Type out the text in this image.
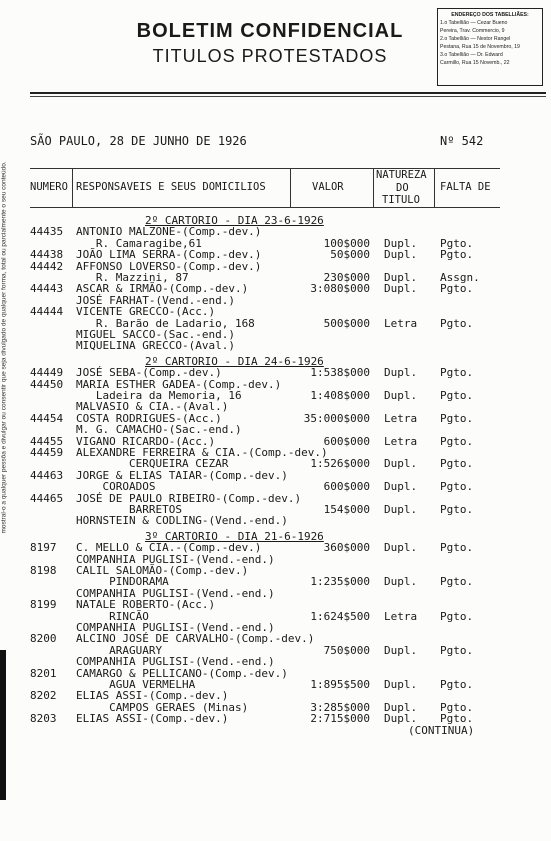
BOLETIM CONFIDENCIAL
TITULOS PROTESTADOS
ENDEREÇO DOS TABELLIÃES:
1.o Tabellião — Cezar Bueno
Pereira, Trav. Commercio, 9
2.o Tabellião — Nestor Rangel
Pestana, Rua 15 de Novembro, 19
3.o Tabellião — Dr. Edward
Carmillo, Rua 15 Novemb., 22
mostral-o a qualquer pessôa e divulgar ou consentir que seja divulgado de qualquer forma, total ou parcialmente o seu conteúdo.
SÃO PAULO, 28 DE JUNHO DE 1926	Nº 542
NUMERO RESPONSAVEIS E SEUS DOMICILIOS	VALOR
NATUREZA
DO
TITULO
FALTA DE
2º CARTORIO - DIA 23-6-1926
44435 ANTONIO MALZONE-(Comp.-dev.)
R. Camaragibe,61	100$000 Dupl. Pgto.
44438 JOÃO LIMA SERRA-(Comp.-dev.)	50$000 Dupl. Pgto.
44442 AFFONSO LOVERSO-(Comp.-dev.)
R. Mazzini, 87	230$000 Dupl. Assgn.
44443 ASCAR & IRMÃO-(Comp.-dev.)
JOSÉ FARHAT-(Vend.-end.)
3:080$000 Dupl. Pgto.
44444 VICENTE GRECCO-(Acc.)
R. Barão de Ladario, 168
MIGUEL SACCO-(Sac.-end.)
MIQUELINA GRECCO-(Aval.)
500$000 Letra Pgto.
2º CARTORIO - DIA 24-6-1926
44449 JOSÉ SEBA-(Comp.-dev.)	1:538$000 Dupl. Pgto.
44450 MARIA ESTHER GADEA-(Comp.-dev.)
Ladeira da Memoria, 16
MALVASIO & CIA.-(Aval.)
1:408$000 Dupl. Pgto.
44454 COSTA RODRIGUES-(Acc.)
M. G. CAMACHO-(Sac.-end.)
35:000$000 Letra Pgto.
44455 VIGANO RICARDO-(Acc.)	600$000 Letra Pgto.
44459 ALEXANDRE FERREIRA & CIA.-(Comp.-dev.)
CERQUEIRA CEZAR	1:526$000 Dupl. Pgto.
44463 JORGE & ELIAS TAIAR-(Comp.-dev.)
COROADOS	600$000 Dupl. Pgto.
44465 JOSÉ DE PAULO RIBEIRO-(Comp.-dev.)
BARRETOS
HORNSTEIN & CODLING-(Vend.-end.)
154$000 Dupl. Pgto.
3º CARTORIO - DIA 21-6-1926
8197 C. MELLO & CIA.-(Comp.-dev.)
COMPANHIA PUGLISI-(Vend.-end.)
360$000 Dupl. Pgto.
8198 CALIL SALOMÃO-(Comp.-dev.)
PINDORAMA
COMPANHIA PUGLISI-(Vend.-end.)
1:235$000 Dupl. Pgto.
8199 NATALE ROBERTO-(Acc.)
RINCÃO
COMPANHIA PUGLISI-(Vend.-end.)
1:624$500 Letra Pgto.
8200 ALCINO JOSÉ DE CARVALHO-(Comp.-dev.)
ARAGUARY
COMPANHIA PUGLISI-(Vend.-end.)
750$000 Dupl. Pgto.
8201 CAMARGO & PELLICANO-(Comp.-dev.)
AGUA VERMELHA	1:895$500 Dupl. Pgto.
8202 ELIAS ASSI-(Comp.-dev.)
CAMPOS GERAES (Minas)	3:285$000 Dupl. Pgto.
8203 ELIAS ASSI-(Comp.-dev.)	2:715$000 Dupl. Pgto.
(CONTINUA)
